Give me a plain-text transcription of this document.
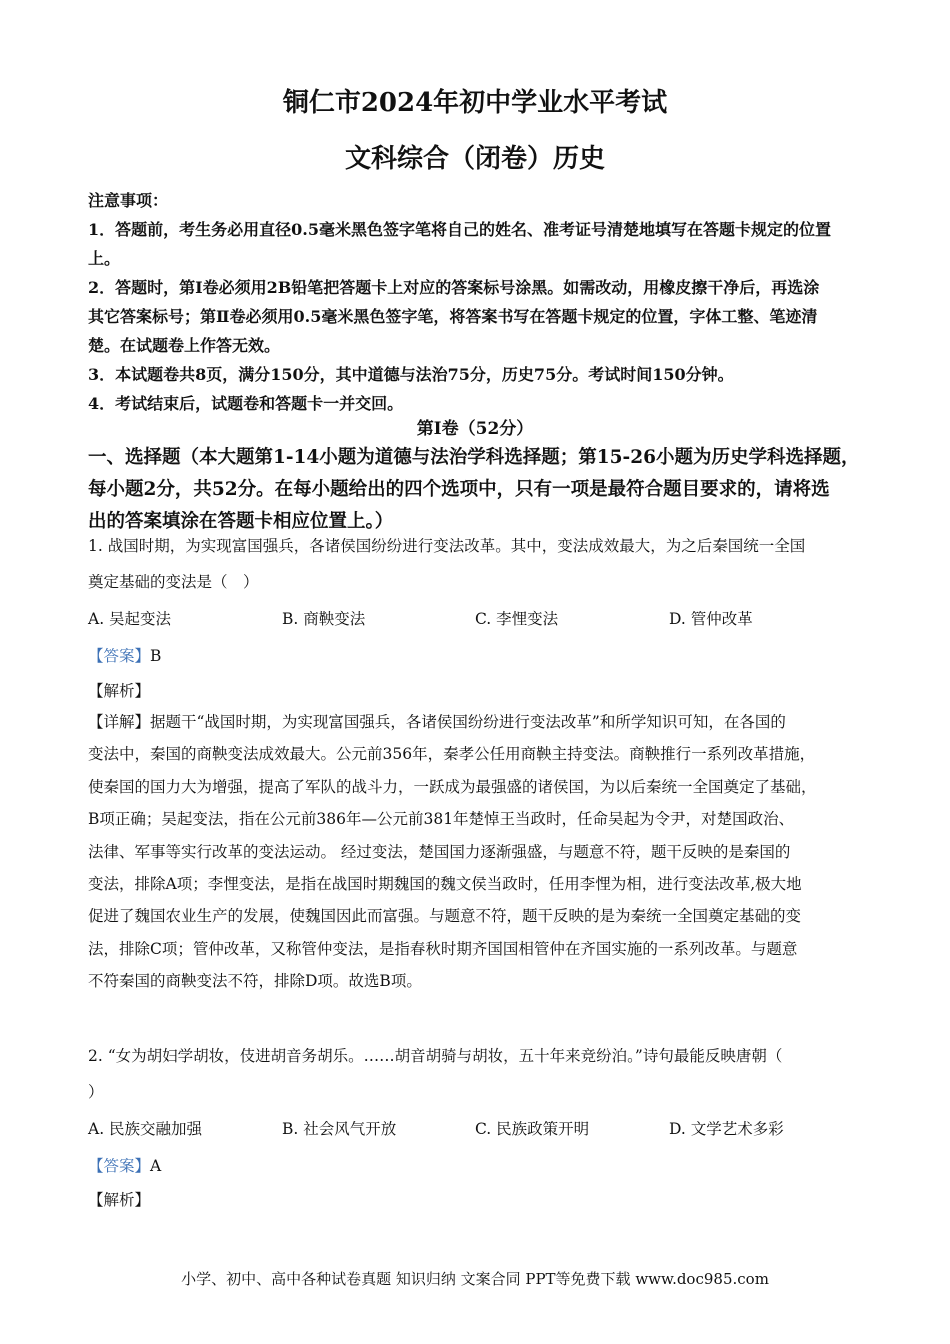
铜仁市2024年初中学业水平考试
文科综合（闭卷）历史
注意事项：
1．答题前，考生务必用直径0.5毫米黑色签字笔将自己的姓名、准考证号清楚地填写在答题卡规定的位置
上。
2．答题时，第Ⅰ卷必须用2B铅笔把答题卡上对应的答案标号涂黑。如需改动，用橡皮擦干净后，再选涂
其它答案标号；第Ⅱ卷必须用0.5毫米黑色签字笔，将答案书写在答题卡规定的位置，字体工整、笔迹清
楚。在试题卷上作答无效。
3．本试题卷共8页，满分150分，其中道德与法治75分，历史75分。考试时间150分钟。
4．考试结束后，试题卷和答题卡一并交回。
第Ⅰ卷（52分）
一、选择题（本大题第1-14小题为道德与法治学科选择题；第15-26小题为历史学科选择题，
每小题2分，共52分。在每小题给出的四个选项中，只有一项是最符合题目要求的，请将选
出的答案填涂在答题卡相应位置上。）
1. 战国时期，为实现富国强兵，各诸侯国纷纷进行变法改革。其中，变法成效最大，为之后秦国统一全国
奠定基础的变法是（　）
A. 吴起变法	B. 商鞅变法	C. 李悝变法	D. 管仲改革
【答案】B
【解析】
【详解】据题干“战国时期，为实现富国强兵，各诸侯国纷纷进行变法改革”和所学知识可知，在各国的
变法中，秦国的商鞅变法成效最大。公元前356年，秦孝公任用商鞅主持变法。商鞅推行一系列改革措施，
使秦国的国力大为增强，提高了军队的战斗力，一跃成为最强盛的诸侯国，为以后秦统一全国奠定了基础，
B项正确；吴起变法，指在公元前386年—公元前381年楚悼王当政时，任命吴起为令尹，对楚国政治、
法律、军事等实行改革的变法运动。 经过变法，楚国国力逐渐强盛，与题意不符，题干反映的是秦国的
变法，排除A项；李悝变法，是指在战国时期魏国的魏文侯当政时，任用李悝为相，进行变法改革,极大地
促进了魏国农业生产的发展，使魏国因此而富强。与题意不符，题干反映的是为秦统一全国奠定基础的变
法，排除C项；管仲改革，又称管仲变法，是指春秋时期齐国国相管仲在齐国实施的一系列改革。与题意
不符秦国的商鞅变法不符，排除D项。故选B项。
2. “女为胡妇学胡妆，伎进胡音务胡乐。……胡音胡骑与胡妆，五十年来竞纷泊。”诗句最能反映唐朝（
）
A. 民族交融加强	B. 社会风气开放	C. 民族政策开明	D. 文学艺术多彩
【答案】A
【解析】
小学、初中、高中各种试卷真题 知识归纳 文案合同 PPT等免费下载 www.doc985.com
